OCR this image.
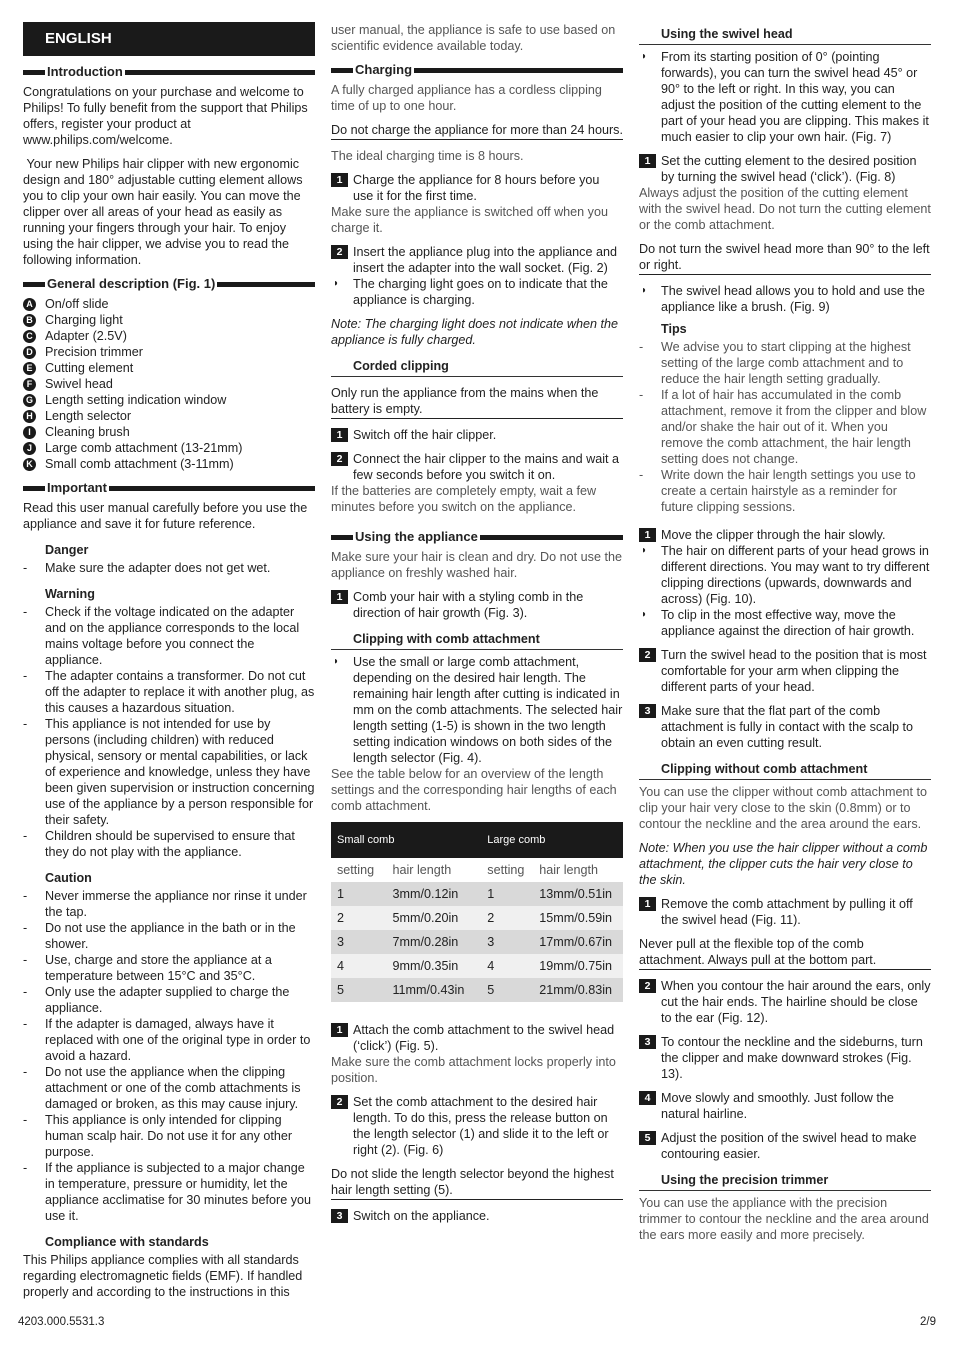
ENGLISH
Introduction

Congratulations on your purchase and welcome to Philips! To fully benefit from the support that Philips offers, register your product at www.philips.com/welcome.

Your new Philips hair clipper with new ergonomic design and 180° adjustable cutting element allows you to clip your own hair easily. You can move the clipper over all areas of your head as easily as running your fingers through your hair. To enjoy using the hair clipper, we advise you to read the following information.

General description (Fig. 1)
A On/off slide
B Charging light
C Adapter (2.5V)
D Precision trimmer
E Cutting element
F Swivel head
G Length setting indication window
H Length selector
I	Cleaning brush
J	Large comb attachment (13-21mm)
K Small comb attachment (3-11mm)
Important

Read this user manual carefully before you use the appliance and save it for future reference.

Danger
- Make sure the adapter does not get wet.
Warning
- Check if the voltage indicated on the adapter and on the appliance corresponds to the local mains voltage before you connect the appliance.
- The adapter contains a transformer. Do not cut off the adapter to replace it with another plug, as this causes a hazardous situation.
- This appliance is not intended for use by persons (including children) with reduced physical, sensory or mental capabilities, or lack of experience and knowledge, unless they have been given supervision or instruction concerning use of the appliance by a person responsible for their safety.
- Children should be supervised to ensure that they do not play with the appliance.
Caution
- Never immerse the appliance nor rinse it under the tap.
- Do not use the appliance in the bath or in the shower.
- Use, charge and store the appliance at a temperature between 15°C and 35°C.
- Only use the adapter supplied to charge the appliance.
- If the adapter is damaged, always have it replaced with one of the original type in order to avoid a hazard.
- Do not use the appliance when the clipping attachment or one of the comb attachments is damaged or broken, as this may cause injury.
- This appliance is only intended for clipping human scalp hair. Do not use it for any other purpose.
- If the appliance is subjected to a major change in temperature, pressure or humidity, let the appliance acclimatise for 30 minutes before you use it.
Compliance with standards

This Philips appliance complies with all standards regarding electromagnetic fields (EMF). If handled properly and according to the instructions in this

user manual, the appliance is safe to use based on scientific evidence available today.

Charging

A fully charged appliance has a cordless clipping time of up to one hour.

Do not charge the appliance for more than 24 hours.

The ideal charging time is 8 hours.

1 Charge the appliance for 8 hours before you use it for the first time.

Make sure the appliance is switched off when you charge it.

2 Insert the appliance plug into the appliance and insert the adapter into the wall socket. (Fig. 2)
◗ The charging light goes on to indicate that the appliance is charging.

Note: The charging light does not indicate when the appliance is fully charged.

Corded clipping
Only run the appliance from the mains when the battery is empty.
1 Switch off the hair clipper.
2 Connect the hair clipper to the mains and wait a few seconds before you switch it on.

If the batteries are completely empty, wait a few minutes before you switch on the appliance.

Using the appliance

Make sure your hair is clean and dry. Do not use the appliance on freshly washed hair.

1 Comb your hair with a styling comb in the direction of hair growth (Fig. 3).
Clipping with comb attachment
◗ Use the small or large comb attachment, depending on the desired hair length. The remaining hair length after cutting is indicated in mm on the comb attachments. The selected hair length setting (1-5) is shown in the two length setting indication windows on both sides of the length selector (Fig. 4).

See the table below for an overview of the length settings and the corresponding hair lengths of each comb attachment.

Small comb		Large comb	
setting	hair length	setting	hair length
1	3mm/0.12in	1	13mm/0.51in
2	5mm/0.20in	2	15mm/0.59in
3	7mm/0.28in	3	17mm/0.67in
4	9mm/0.35in	4	19mm/0.75in
5	11mm/0.43in	5	21mm/0.83in
1 Attach the comb attachment to the swivel head (‘click’) (Fig. 5).

Make sure the comb attachment locks properly into position.

2 Set the comb attachment to the desired hair length. To do this, press the release button on the length selector (1) and slide it to the left or right (2). (Fig. 6)
Do not slide the length selector beyond the highest hair length setting (5).
3 Switch on the appliance.
Using the swivel head
◗ From its starting position of 0° (pointing forwards), you can turn the swivel head 45° or 90° to the left or right. In this way, you can adjust the position of the cutting element to the part of your head you are clipping. This makes it much easier to clip your own hair. (Fig. 7)
1 Set the cutting element to the desired position by turning the swivel head (‘click’). (Fig. 8)

Always adjust the position of the cutting element with the swivel head. Do not turn the cutting element or the comb attachment.

Do not turn the swivel head more than 90° to the left or right.
◗ The swivel head allows you to hold and use the appliance like a brush. (Fig. 9)
Tips
- We advise you to start clipping at the highest setting of the large comb attachment and to reduce the hair length setting gradually.
- If a lot of hair has accumulated in the comb attachment, remove it from the clipper and blow and/or shake the hair out of it. When you remove the comb attachment, the hair length setting does not change.
- Write down the hair length settings you use to create a certain hairstyle as a reminder for future clipping sessions.
1 Move the clipper through the hair slowly.
◗ The hair on different parts of your head grows in different directions. You may want to try different clipping directions (upwards, downwards and across) (Fig. 10).
◗ To clip in the most effective way, move the appliance against the direction of hair growth.
2 Turn the swivel head to the position that is most comfortable for your arm when clipping the different parts of your head.
3 Make sure that the flat part of the comb attachment is fully in contact with the scalp to obtain an even cutting result.
Clipping without comb attachment

You can use the clipper without comb attachment to clip your hair very close to the skin (0.8mm) or to contour the neckline and the area around the ears.

Note: When you use the hair clipper without a comb attachment, the clipper cuts the hair very close to the skin.

1 Remove the comb attachment by pulling it off the swivel head (Fig. 11).
Never pull at the flexible top of the comb attachment. Always pull at the bottom part.
2 When you contour the hair around the ears, only cut the hair ends. The hairline should be close to the ear (Fig. 12).
3 To contour the neckline and the sideburns, turn the clipper and make downward strokes (Fig. 13).
4 Move slowly and smoothly. Just follow the natural hairline.
5 Adjust the position of the swivel head to make contouring easier.
Using the precision trimmer

You can use the appliance with the precision trimmer to contour the neckline and the area around the ears more easily and more precisely.

4203.000.5531.3	2/9
